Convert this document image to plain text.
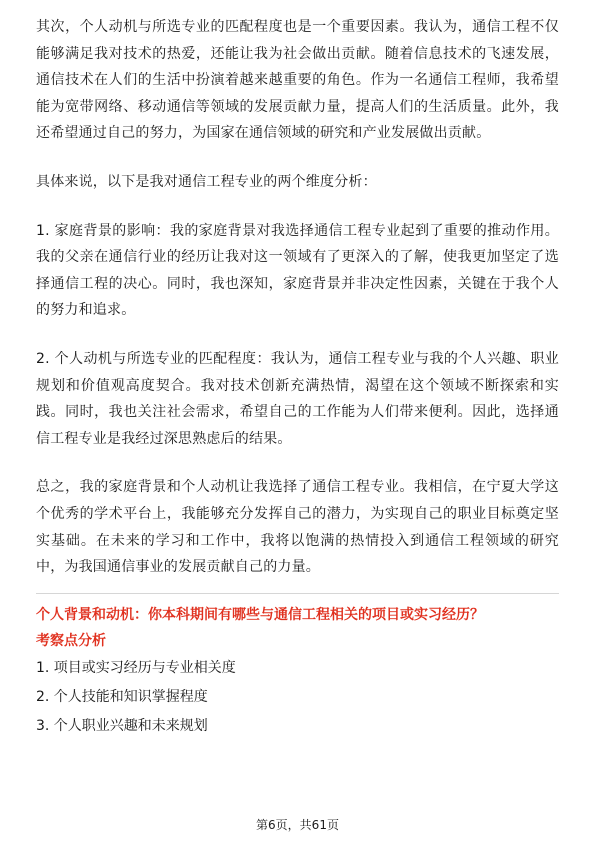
其次，个人动机与所选专业的匹配程度也是一个重要因素。我认为，通信工程不仅能够满足我对技术的热爱，还能让我为社会做出贡献。随着信息技术的飞速发展，通信技术在人们的生活中扮演着越来越重要的角色。作为一名通信工程师，我希望能为宽带网络、移动通信等领域的发展贡献力量，提高人们的生活质量。此外，我还希望通过自己的努力，为国家在通信领域的研究和产业发展做出贡献。

具体来说，以下是我对通信工程专业的两个维度分析：

1. 家庭背景的影响：我的家庭背景对我选择通信工程专业起到了重要的推动作用。我的父亲在通信行业的经历让我对这一领域有了更深入的了解，使我更加坚定了选择通信工程的决心。同时，我也深知，家庭背景并非决定性因素，关键在于我个人的努力和追求。

2. 个人动机与所选专业的匹配程度：我认为，通信工程专业与我的个人兴趣、职业规划和价值观高度契合。我对技术创新充满热情，渴望在这个领域不断探索和实践。同时，我也关注社会需求，希望自己的工作能为人们带来便利。因此，选择通信工程专业是我经过深思熟虑后的结果。

总之，我的家庭背景和个人动机让我选择了通信工程专业。我相信，在宁夏大学这个优秀的学术平台上，我能够充分发挥自己的潜力，为实现自己的职业目标奠定坚实基础。在未来的学习和工作中，我将以饱满的热情投入到通信工程领域的研究中，为我国通信事业的发展贡献自己的力量。

个人背景和动机：你本科期间有哪些与通信工程相关的项目或实习经历？

考察点分析

1. 项目或实习经历与专业相关度
2. 个人技能和知识掌握程度
3. 个人职业兴趣和未来规划
第6页，共61页
